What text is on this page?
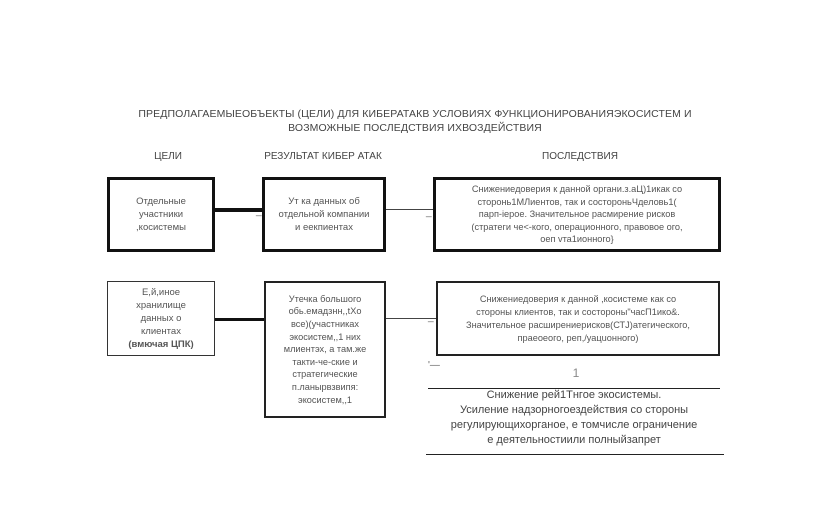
ПРЕДПОЛАГАЕМЫЕОБЪЕКТЫ (ЦЕЛИ) ДЛЯ КИБЕРАТАКВ УСЛОВИЯХ ФУНКЦИОНИРОВАНИЯЭКОСИСТЕМ И
ВОЗМОЖНЫЕ ПОСЛЕДСТВИЯ ИХВОЗДЕЙСТВИЯ
ЦЕЛИ	РЕЗУЛЬТАТ КИБЕР АТАК	ПОСЛЕДСТВИЯ
Отдельные
участники
,косистемы
_
Ут ка данных об
отдельной компании
и еекпиентах
_
Снижениедоверия к данной органи.з.аЦ)1икак со
сторонь1МЛиентов, так и состороньЧделовь1(
парп-iерое. Значительное расмирение рисков
(стратеги че<-кого, операционного, правовое ого,
оеп vта1ионного}
Е,й,иное
хранилище
данных о
клиентах
(вмючая ЦПК)
Утечка большого
обь.емадзнн,,tXо
все)(участниках
экосистем,,1 них
млиентэх, а там.же
такти-че-ские и
стратегические
п.ланырвзвипя:
экосистем,,1
_
Снижениедоверия к данной ,косистеме как со
стороны клиентов, так и состороны"часП1ико&.
Значительное расширениерисков(СТJ)атегического,
праеоеого, реп,/уацuонного)
'—
1
Снижение рей1Tнгое экосистемы.
Усиление надзорногоездействия со стороны
регулирующихорганое, е томчисле ограничение
е деятельностиили полныйзапрет
